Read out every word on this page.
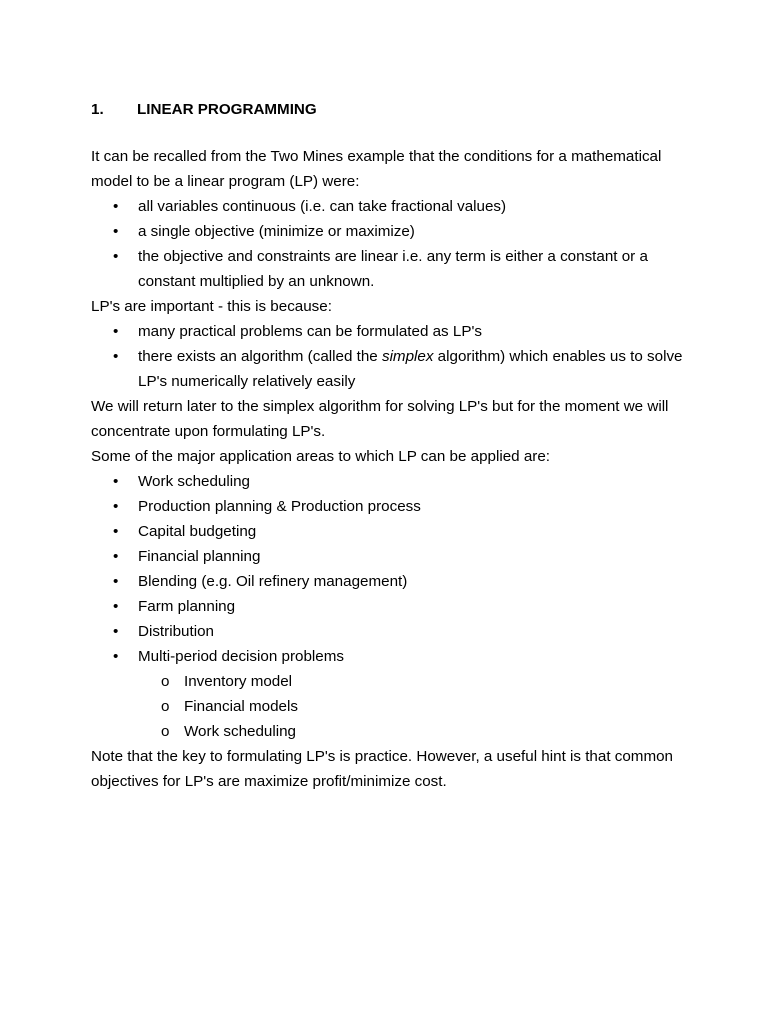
1. LINEAR PROGRAMMING

It can be recalled from the Two Mines example that the conditions for a mathematical model to be a linear program (LP) were:

• all variables continuous (i.e. can take fractional values)
• a single objective (minimize or maximize)
• the objective and constraints are linear i.e. any term is either a constant or a constant multiplied by an unknown.

LP's are important - this is because:

• many practical problems can be formulated as LP's
• there exists an algorithm (called the simplex algorithm) which enables us to solve LP's numerically relatively easily

We will return later to the simplex algorithm for solving LP's but for the moment we will concentrate upon formulating LP's.

Some of the major application areas to which LP can be applied are:

• Work scheduling
• Production planning & Production process
• Capital budgeting
• Financial planning
• Blending (e.g. Oil refinery management)
• Farm planning
• Distribution
• Multi-period decision problems
o Inventory model
o Financial models
o Work scheduling

Note that the key to formulating LP's is practice. However, a useful hint is that common objectives for LP's are maximize profit/minimize cost.
